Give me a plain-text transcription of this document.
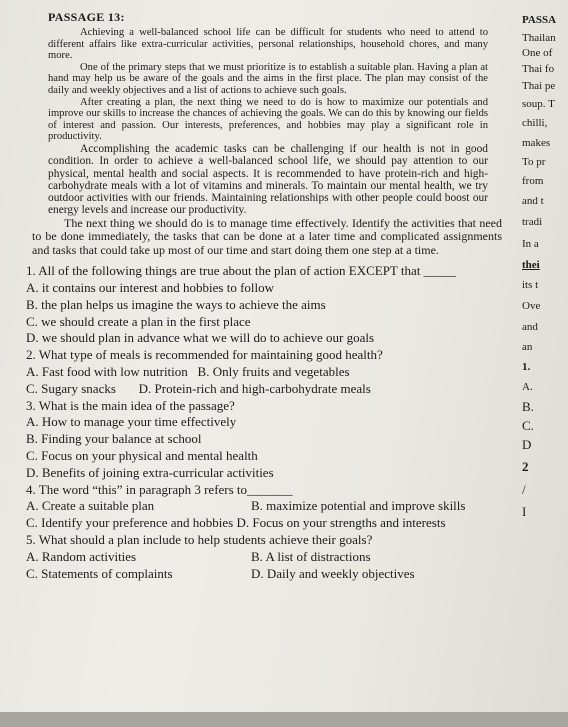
PASSAGE 13:

Achieving a well-balanced school life can be difficult for students who need to attend to different affairs like extra-curricular activities, personal relationships, household chores, and many more.

One of the primary steps that we must prioritize is to establish a suitable plan. Having a plan at hand may help us be aware of the goals and the aims in the first place. The plan may consist of the daily and weekly objectives and a list of actions to achieve such goals.

After creating a plan, the next thing we need to do is how to maximize our potentials and improve our skills to increase the chances of achieving the goals. We can do this by knowing our fields of interest and passion. Our interests, preferences, and hobbies may play a significant role in productivity.

Accomplishing the academic tasks can be challenging if our health is not in good condition. In order to achieve a well-balanced school life, we should pay attention to our physical, mental health and social aspects. It is recommended to have protein-rich and high- carbohydrate meals with a lot of vitamins and minerals. To maintain our mental health, we try outdoor activities with our friends. Maintaining relationships with other people could boost our energy levels and increase our productivity.

The next thing we should do is to manage time effectively. Identify the activities that need to be done immediately, the tasks that can be done at a later time and complicated assignments and tasks that could take up most of our time and start doing them one step at a time.

1. All of the following things are true about the plan of action EXCEPT that _____
A. it contains our interest and hobbies to follow
B. the plan helps us imagine the ways to achieve the aims
C. we should create a plan in the first place
D. we should plan in advance what we will do to achieve our goals
2. What type of meals is recommended for maintaining good health?
A. Fast food with low nutrition B. Only fruits and vegetables
C. Sugary snacks D. Protein-rich and high-carbohydrate meals
3. What is the main idea of the passage?
A. How to manage your time effectively
B. Finding your balance at school
C. Focus on your physical and mental health
D. Benefits of joining extra-curricular activities
4. The word “this” in paragraph 3 refers to_______
A. Create a suitable plan	B. maximize potential and improve skills
C. Identify your preference and hobbies D. Focus on your strengths and interests
5. What should a plan include to help students achieve their goals?
A. Random activities	B. A list of distractions
C. Statements of complaints	D. Daily and weekly objectives
PASSA
Thailan
One of
Thai fo
Thai pe
soup. T
chilli,
makes
To pr
from
and t
tradi
In a
thei
its t
Ove
and
an
1.
A.
B.
C.
D
2
/
I
